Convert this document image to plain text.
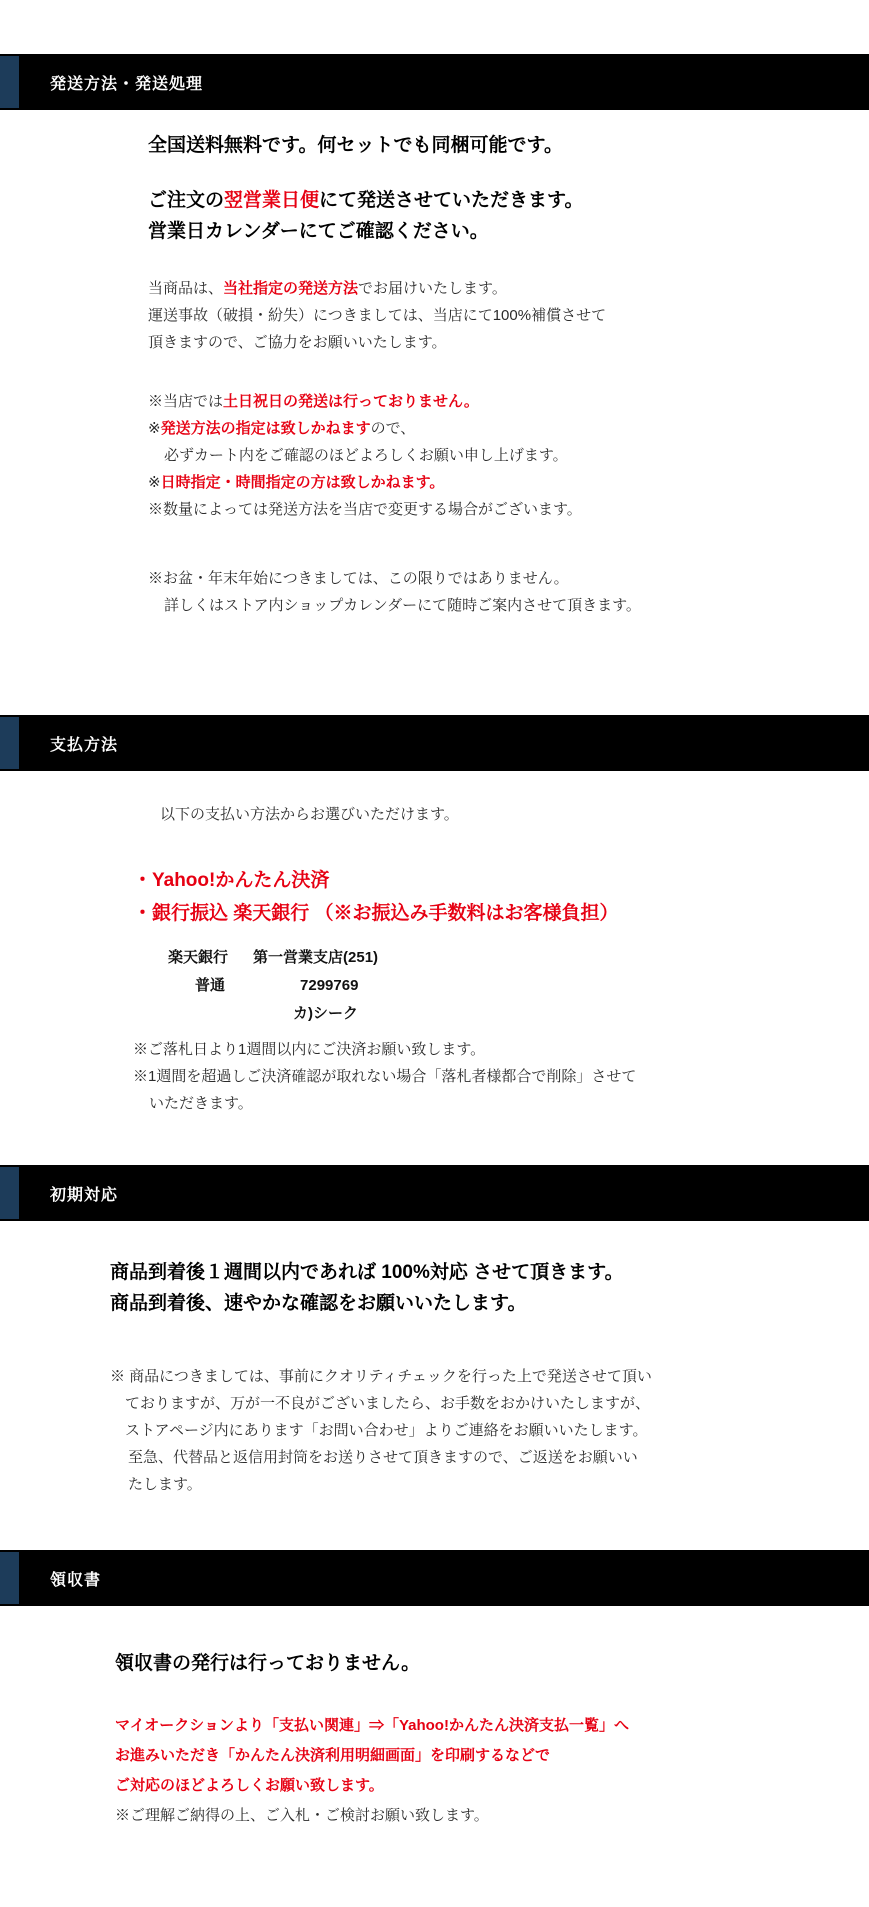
発送方法・発送処理

全国送料無料です。何セットでも同梱可能です。

ご注文の翌営業日便にて発送させていただきます。

営業日カレンダーにてご確認ください。

当商品は、当社指定の発送方法でお届けいたします。

運送事故（破損・紛失）につきましては、当店にて100%補償させて

頂きますので、ご協力をお願いいたします。

※当店では土日祝日の発送は行っておりません。

※発送方法の指定は致しかねますので、

必ずカート内をご確認のほどよろしくお願い申し上げます。

※日時指定・時間指定の方は致しかねます。

※数量によっては発送方法を当店で変更する場合がございます。

※お盆・年末年始につきましては、この限りではありません。

詳しくはストア内ショップカレンダーにて随時ご案内させて頂きます。

支払方法

以下の支払い方法からお選びいただけます。

・Yahoo!かんたん決済

・銀行振込 楽天銀行 （※お振込み手数料はお客様負担）

楽天銀行 第一営業支店(251)

普通	7299769

カ)シーク

※ご落札日より1週間以内にご決済お願い致します。

※1週間を超過しご決済確認が取れない場合「落札者様都合で削除」させて

いただきます。

初期対応

商品到着後１週間以内であれば 100%対応 させて頂きます。

商品到着後、速やかな確認をお願いいたします。

※ 商品につきましては、事前にクオリティチェックを行った上で発送させて頂い

ておりますが、万が一不良がございましたら、お手数をおかけいたしますが、

ストアページ内にあります「お問い合わせ」よりご連絡をお願いいたします。

至急、代替品と返信用封筒をお送りさせて頂きますので、ご返送をお願いい

たします。

領収書

領収書の発行は行っておりません。

マイオークションより「支払い関連」⇒「Yahoo!かんたん決済支払一覧」へ

お進みいただき「かんたん決済利用明細画面」を印刷するなどで

ご対応のほどよろしくお願い致します。

※ご理解ご納得の上、ご入札・ご検討お願い致します。
